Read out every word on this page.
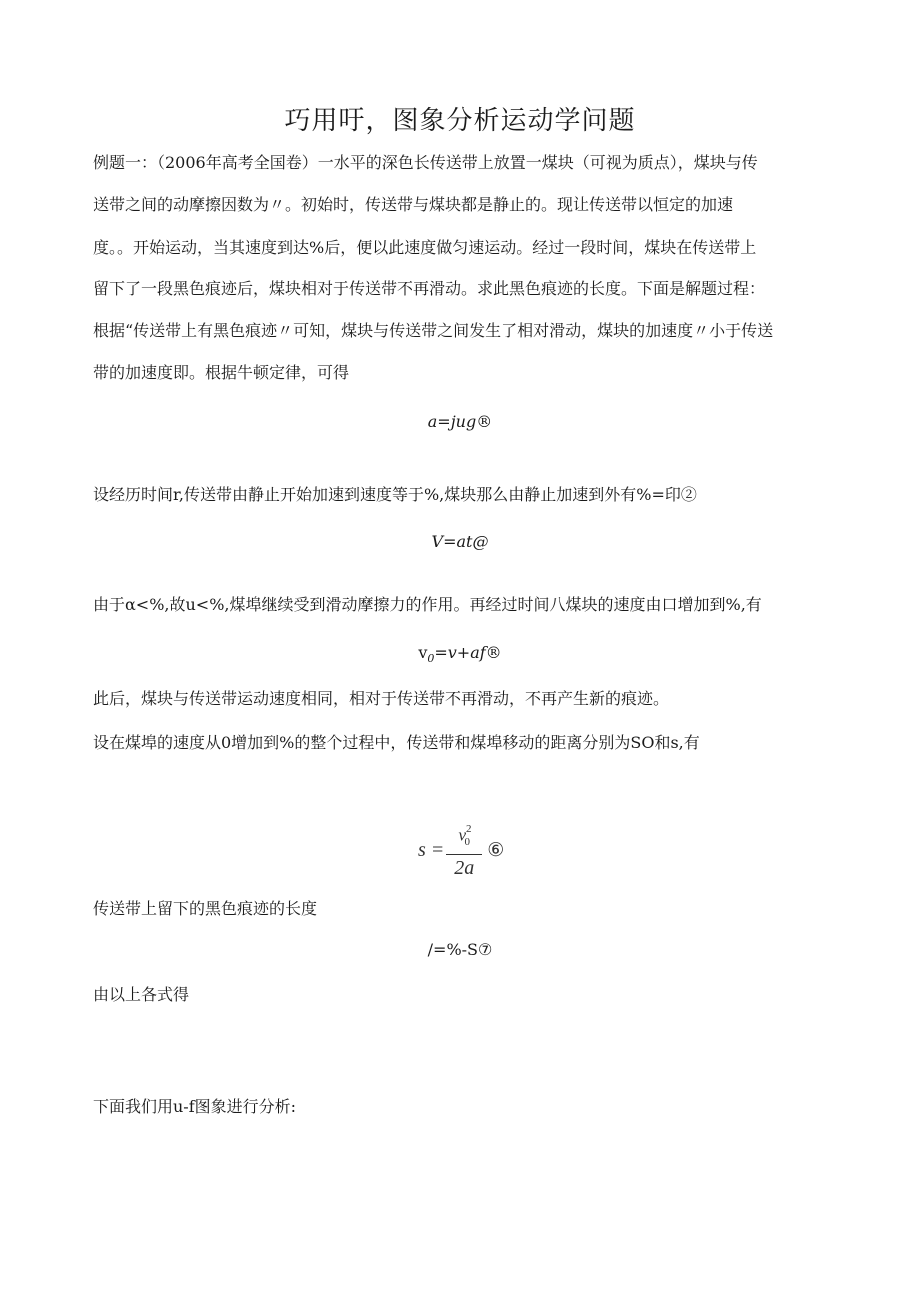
巧用吁，图象分析运动学问题
例题一：（2006年高考全国卷）一水平的深色长传送带上放置一煤块（可视为质点），煤块与传
送带之间的动摩擦因数为〃。初始时，传送带与煤块都是静止的。现让传送带以恒定的加速
度。。开始运动，当其速度到达%后，便以此速度做匀速运动。经过一段时间，煤块在传送带上
留下了一段黑色痕迹后，煤块相对于传送带不再滑动。求此黑色痕迹的长度。下面是解题过程：
根据“传送带上有黑色痕迹〃可知，煤块与传送带之间发生了相对滑动，煤块的加速度〃小于传送
带的加速度即。根据牛顿定律，可得
a=jug®
设经历时间r,传送带由静止开始加速到速度等于%,煤块那么由静止加速到外有%=印②
V=at@
由于α<%,故u<%,煤埠继续受到滑动摩擦力的作用。再经过时间八煤块的速度由口增加到%,有
$v_0=v+af®$
此后，煤块与传送带运动速度相同，相对于传送带不再滑动，不再产生新的痕迹。
设在煤埠的速度从0增加到%的整个过程中，传送带和煤埠移动的距离分别为SO和s,有
$s = \frac{v^2_0}{2a}$ ⑥
传送带上留下的黑色痕迹的长度
/=%-S⑦
由以上各式得
下面我们用u-f图象进行分析:
